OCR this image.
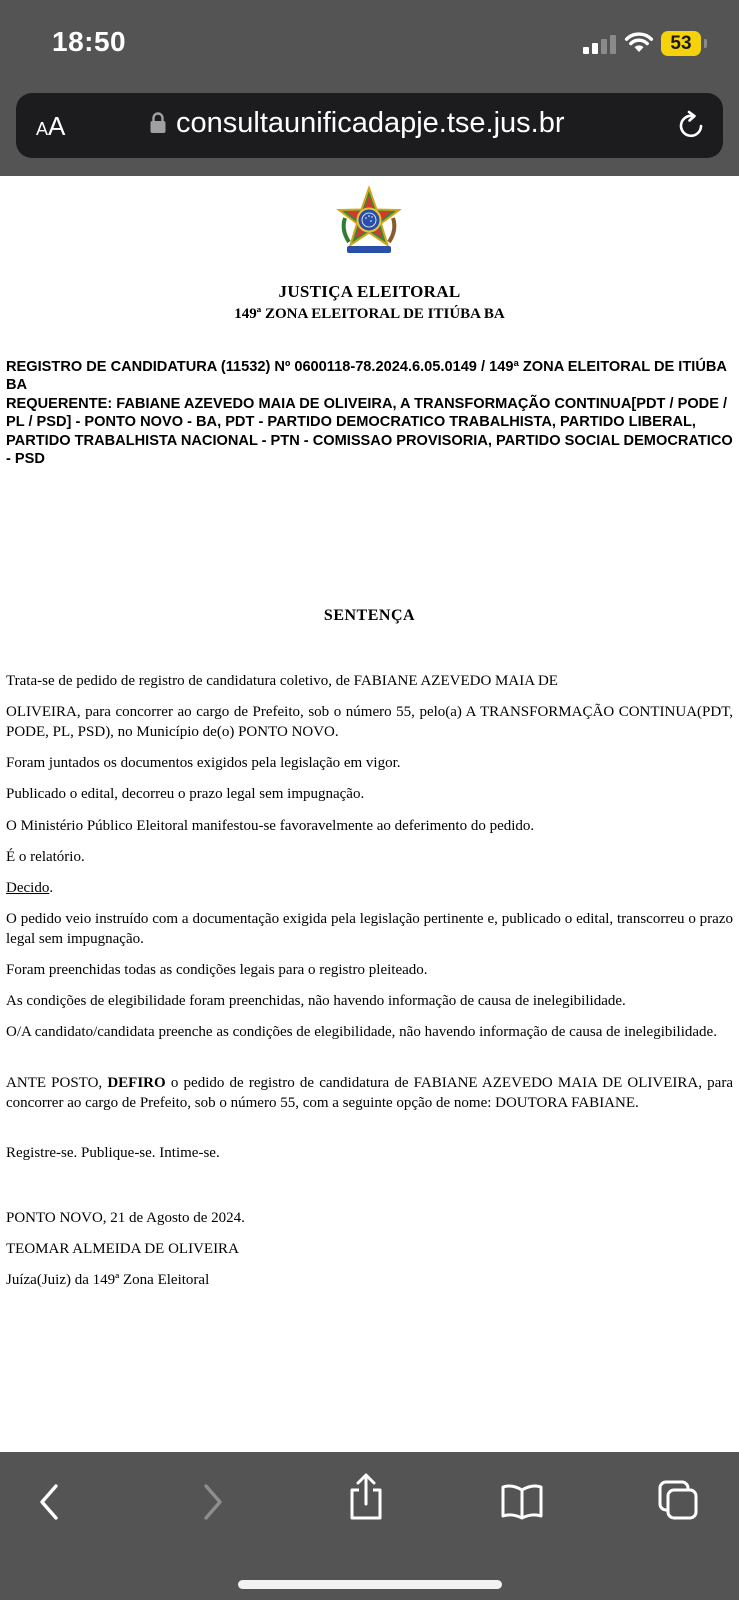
18:50	53
AA	consultaunificadapje.tse.jus.br
JUSTIÇA ELEITORAL
149ª ZONA ELEITORAL DE ITIÚBA BA

REGISTRO DE CANDIDATURA (11532) Nº 0600118-78.2024.6.05.0149 / 149ª ZONA ELEITORAL DE ITIÚBA BA

REQUERENTE: FABIANE AZEVEDO MAIA DE OLIVEIRA, A TRANSFORMAÇÃO CONTINUA[PDT / PODE / PL / PSD] - PONTO NOVO - BA, PDT - PARTIDO DEMOCRATICO TRABALHISTA, PARTIDO LIBERAL, PARTIDO TRABALHISTA NACIONAL - PTN - COMISSAO PROVISORIA, PARTIDO SOCIAL DEMOCRATICO - PSD

SENTENÇA

Trata-se de pedido de registro de candidatura coletivo, de FABIANE AZEVEDO MAIA DE

OLIVEIRA, para concorrer ao cargo de Prefeito, sob o número 55, pelo(a) A TRANSFORMAÇÃO CONTINUA(PDT, PODE, PL, PSD), no Município de(o) PONTO NOVO.

Foram juntados os documentos exigidos pela legislação em vigor.

Publicado o edital, decorreu o prazo legal sem impugnação.

O Ministério Público Eleitoral manifestou-se favoravelmente ao deferimento do pedido.

É o relatório.

Decido.

O pedido veio instruído com a documentação exigida pela legislação pertinente e, publicado o edital, transcorreu o prazo legal sem impugnação.

Foram preenchidas todas as condições legais para o registro pleiteado.

As condições de elegibilidade foram preenchidas, não havendo informação de causa de inelegibilidade.

O/A candidato/candidata preenche as condições de elegibilidade, não havendo informação de causa de inelegibilidade.

ANTE POSTO, DEFIRO o pedido de registro de candidatura de FABIANE AZEVEDO MAIA DE OLIVEIRA, para concorrer ao cargo de Prefeito, sob o número 55, com a seguinte opção de nome: DOUTORA FABIANE.

Registre-se. Publique-se. Intime-se.

PONTO NOVO, 21 de Agosto de 2024.

TEOMAR ALMEIDA DE OLIVEIRA

Juíza(Juiz) da 149ª Zona Eleitoral
